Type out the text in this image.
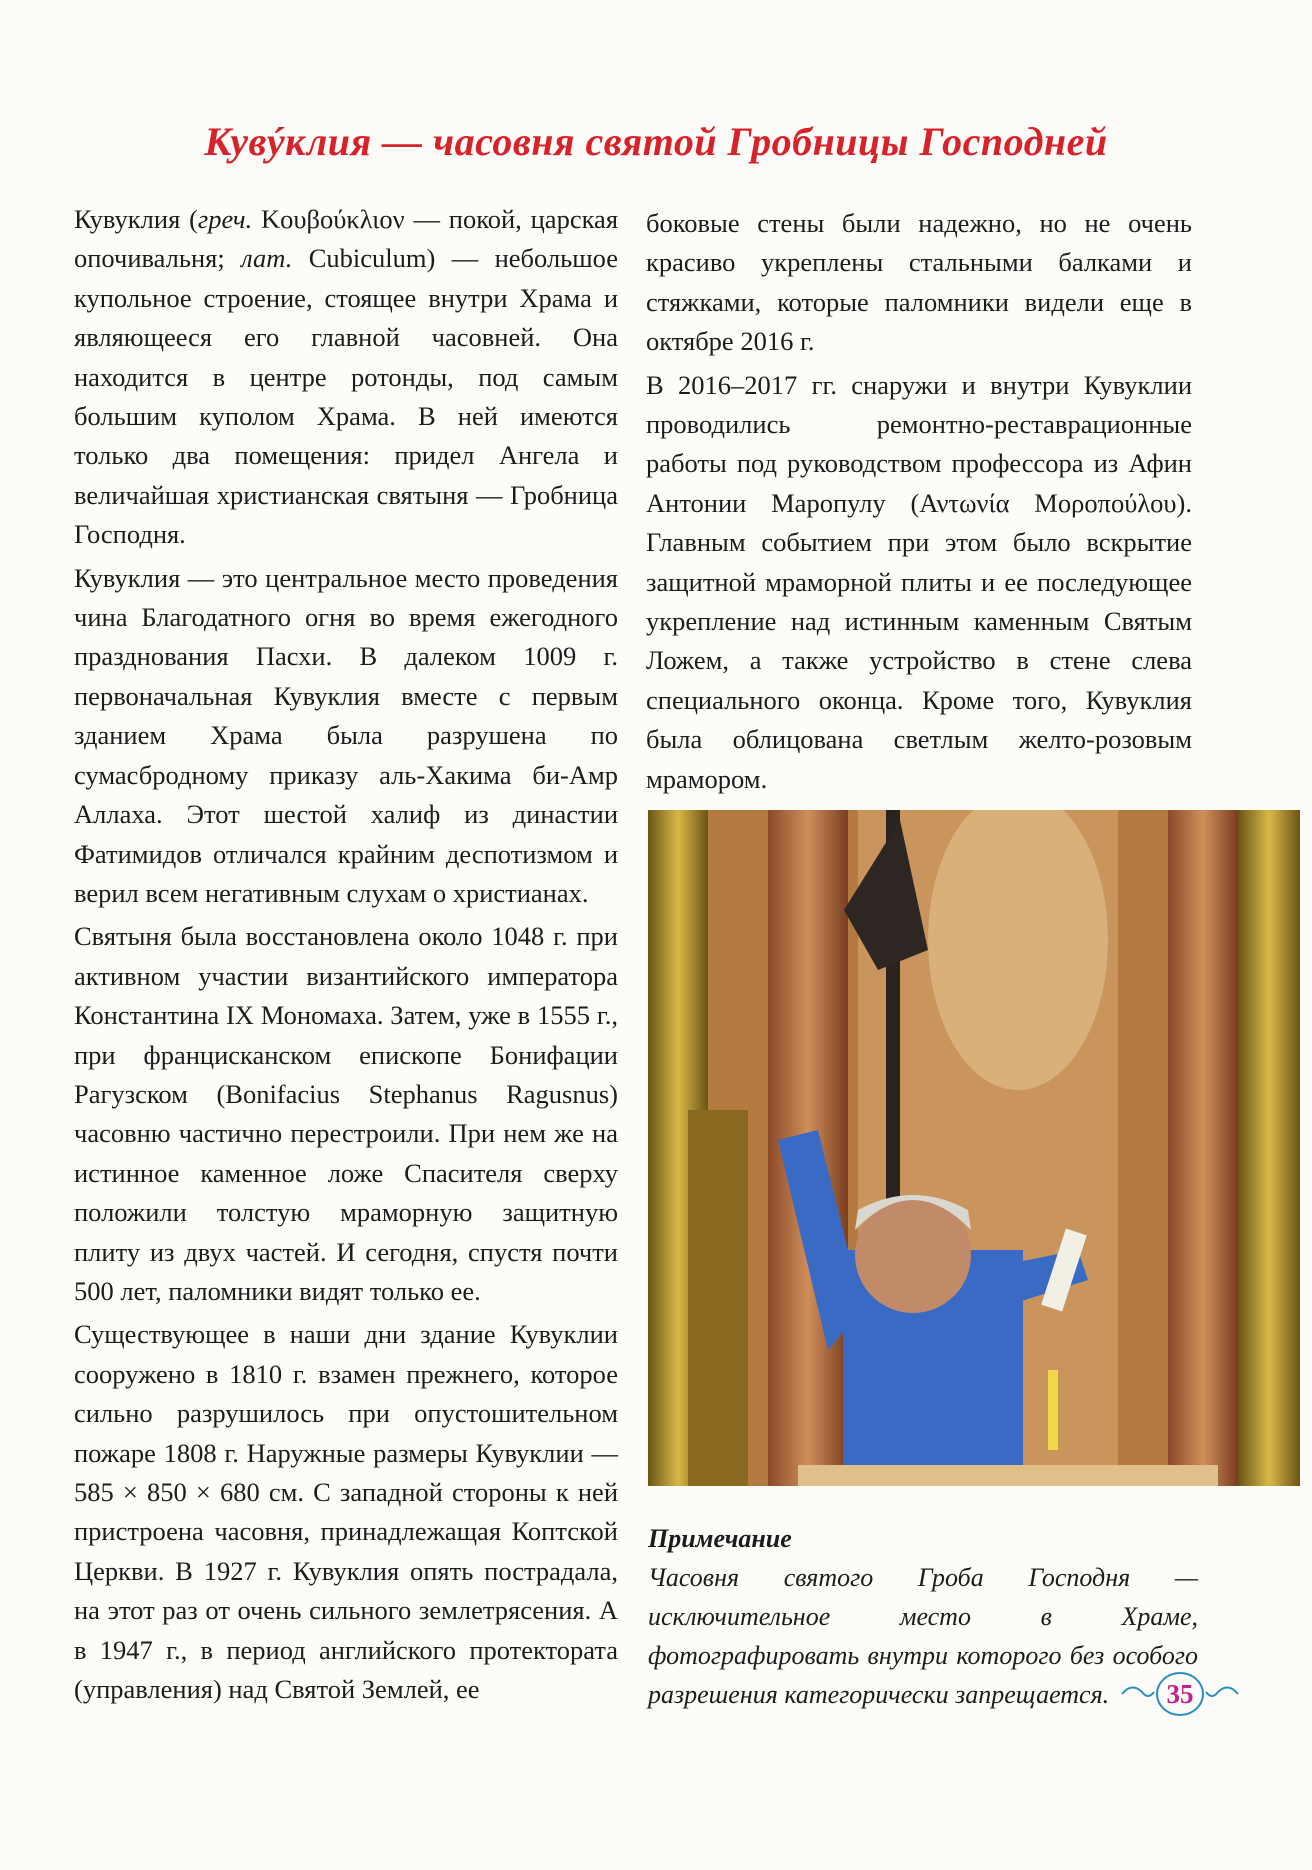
Кувýклия — часовня святой Гробницы Господней

Кувуклия (греч. Κουβούκλιον — покой, царская опочивальня; лат. Cubiculum) — небольшое купольное строение, стоящее внутри Храма и являющееся его главной часовней. Она находится в центре ротонды, под самым большим куполом Храма. В ней имеются только два помещения: придел Ангела и величайшая христианская святыня — Гробница Господня.

Кувуклия — это центральное место проведения чина Благодатного огня во время ежегодного празднования Пасхи. В далеком 1009 г. первоначальная Кувуклия вместе с первым зданием Храма была разрушена по сумасбродному приказу аль-Хакима би-Амр Аллаха. Этот шестой халиф из династии Фатимидов отличался крайним деспотизмом и верил всем негативным слухам о христианах.

Святыня была восстановлена около 1048 г. при активном участии византийского императора Константина IX Мономаха. Затем, уже в 1555 г., при францисканском епископе Бонифации Рагузском (Bonifacius Stephanus Ragusnus) часовню частично перестроили. При нем же на истинное каменное ложе Спасителя сверху положили толстую мраморную защитную плиту из двух частей. И сегодня, спустя почти 500 лет, паломники видят только ее.

Существующее в наши дни здание Кувуклии сооружено в 1810 г. взамен прежнего, которое сильно разрушилось при опустошительном пожаре 1808 г. Наружные размеры Кувуклии — 585 × 850 × 680 см. С западной стороны к ней пристроена часовня, принадлежащая Коптской Церкви. В 1927 г. Кувуклия опять пострадала, на этот раз от очень сильного землетрясения. А в 1947 г., в период английского протектората (управления) над Святой Землей, ее

боковые стены были надежно, но не очень красиво укреплены стальными балками и стяжками, которые паломники видели еще в октябре 2016 г.

В 2016–2017 гг. снаружи и внутри Кувуклии проводились ремонтно-реставрационные работы под руководством профессора из Афин Антонии Маропулу (Αντωνία Μοροπούλου). Главным событием при этом было вскрытие защитной мраморной плиты и ее последующее укрепление над истинным каменным Святым Ложем, а также устройство в стене слева специального оконца. Кроме того, Кувуклия была облицована светлым желто-розовым мрамором.

Примечание
Часовня святого Гроба Господня — исключительное место в Храме, фотографировать внутри которого без особого разрешения категорически запрещается.	35
